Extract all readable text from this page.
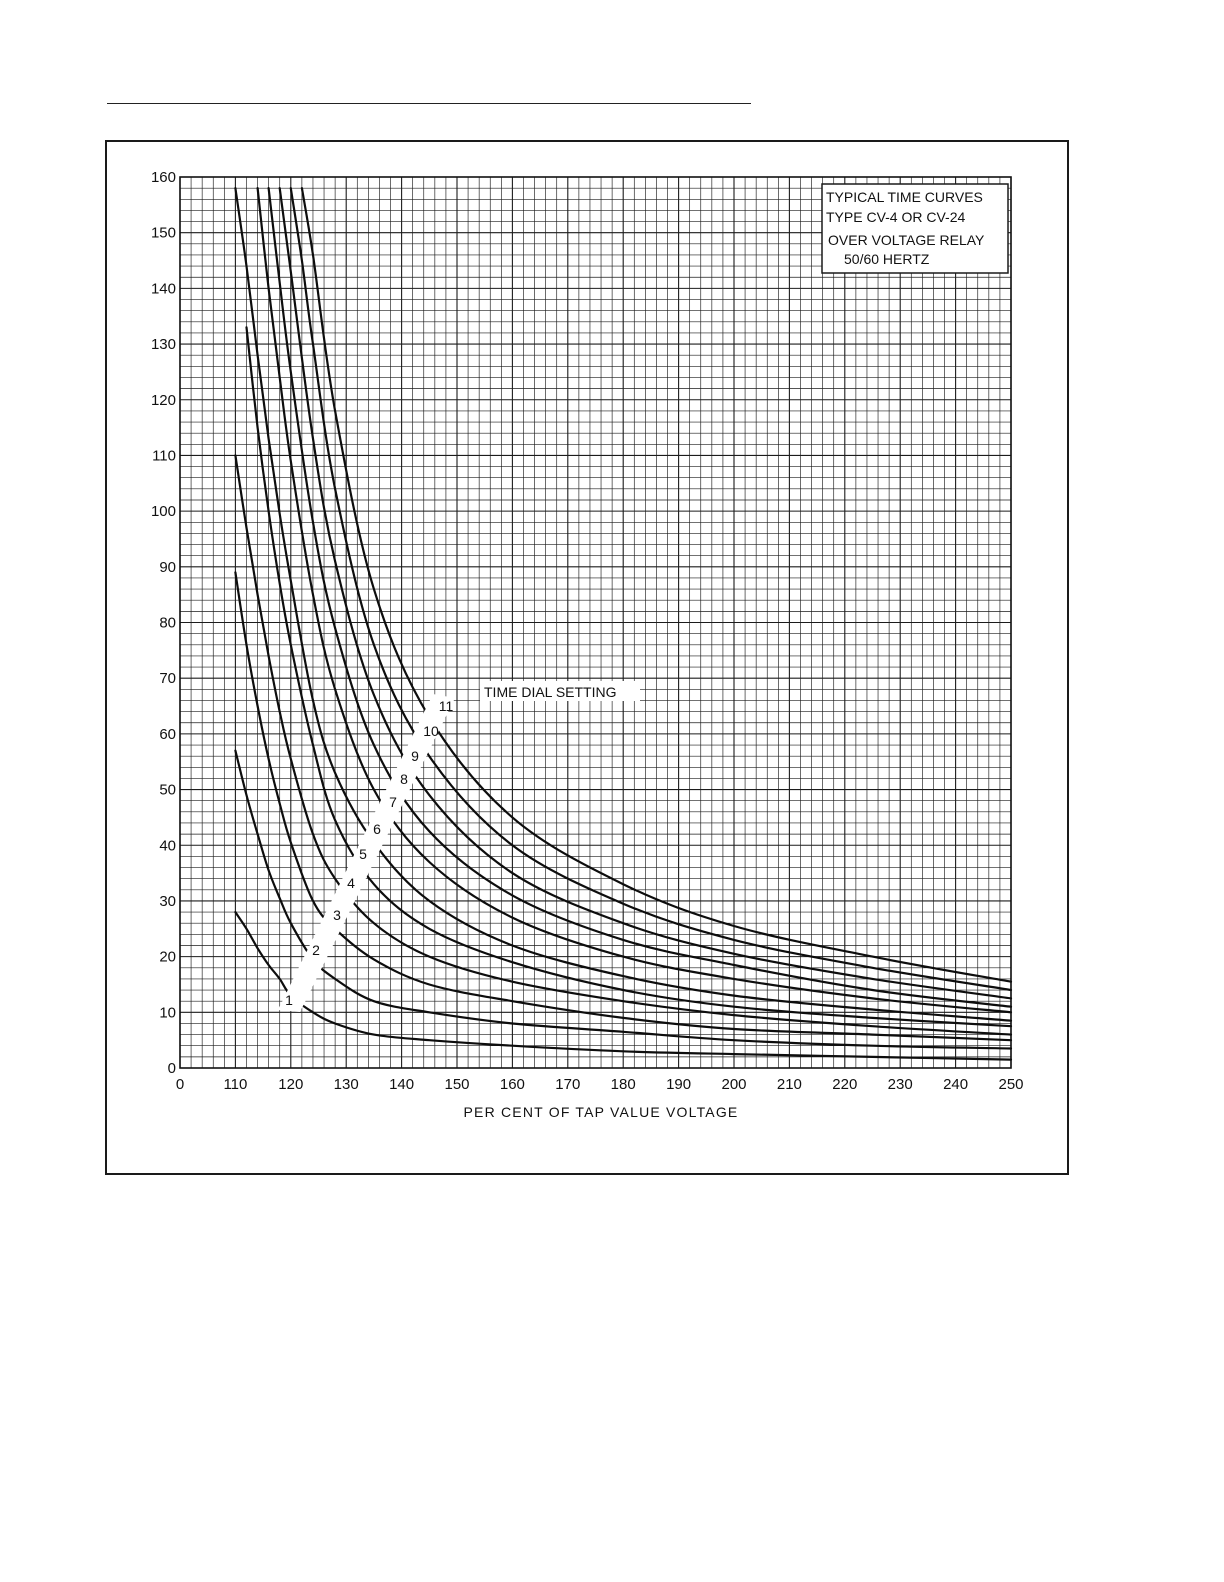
1
2
3
4
5
6
7
8
9
10
11
0
10
20
30
40
50
60
70
80
90
100
110
120
130
140
150
160
0	110 120 130 140 150 160 170 180 190 200 210 220 230 240 250
TYPICAL TIME CURVES
TYPE CV-4 OR CV-24
OVER VOLTAGE RELAY
50/60 HERTZ
TIME DIAL SETTING
PER CENT OF TAP VALUE VOLTAGE
